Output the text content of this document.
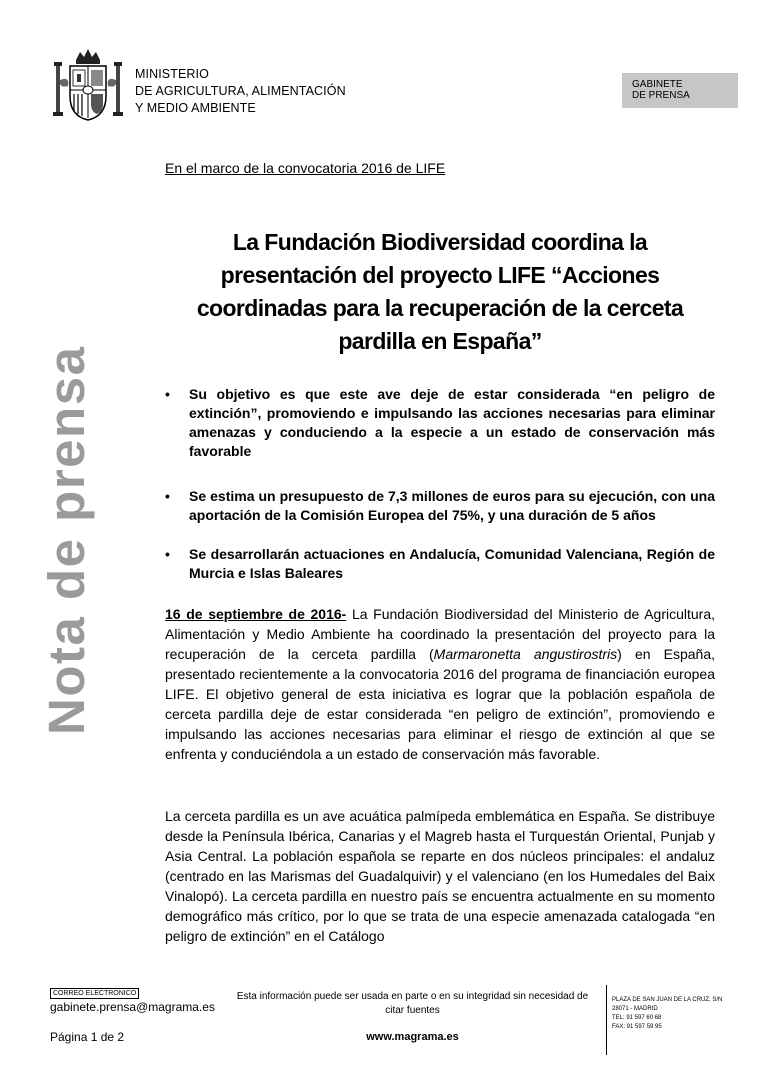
MINISTERIO
DE AGRICULTURA, ALIMENTACIÓN
Y MEDIO AMBIENTE
GABINETE
DE PRENSA
Nota de prensa
En el marco de la convocatoria 2016 de LIFE
La Fundación Biodiversidad coordina la
presentación del proyecto LIFE “Acciones
coordinadas para la recuperación de la cerceta
pardilla en España”
• Su objetivo es que este ave deje de estar considerada “en peligro de extinción”, promoviendo e impulsando las acciones necesarias para eliminar amenazas y conduciendo a la especie a un estado de conservación más favorable
• Se estima un presupuesto de 7,3 millones de euros para su ejecución, con una aportación de la Comisión Europea del 75%, y una duración de 5 años
• Se desarrollarán actuaciones en Andalucía, Comunidad Valenciana, Región de Murcia e Islas Baleares
16 de septiembre de 2016- La Fundación Biodiversidad del Ministerio de Agricultura, Alimentación y Medio Ambiente ha coordinado la presentación del proyecto para la recuperación de la cerceta pardilla (Marmaronetta angustirostris) en España, presentado recientemente a la convocatoria 2016 del programa de financiación europea LIFE. El objetivo general de esta iniciativa es lograr que la población española de cerceta pardilla deje de estar considerada “en peligro de extinción”, promoviendo e impulsando las acciones necesarias para eliminar el riesgo de extinción al que se enfrenta y conduciéndola a un estado de conservación más favorable.
La cerceta pardilla es un ave acuática palmípeda emblemática en España. Se distribuye desde la Península Ibérica, Canarias y el Magreb hasta el Turquestán Oriental, Punjab y Asia Central. La población española se reparte en dos núcleos principales: el andaluz (centrado en las Marismas del Guadalquivir) y el valenciano (en los Humedales del Baix Vinalopó). La cerceta pardilla en nuestro país se encuentra actualmente en su momento demográfico más crítico, por lo que se trata de una especie amenazada catalogada “en peligro de extinción” en el Catálogo
CORREO ELECTRÓNICO
gabinete.prensa@magrama.es
Esta información puede ser usada en parte o en su integridad sin necesidad de citar fuentes
www.magrama.es
Página 1 de 2
PLAZA DE SAN JUAN DE LA CRUZ, S/N
28071 - MADRID
TEL: 91 597 60 68
FAX: 91 597 59 95
